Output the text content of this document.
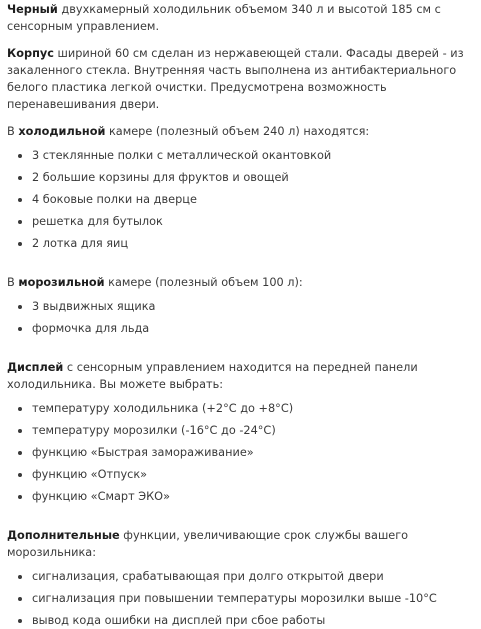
Черный двухкамерный холодильник объемом 340 л и высотой 185 см с сенсорным управлением.

Корпус шириной 60 см сделан из нержавеющей стали. Фасады дверей - из закаленного стекла. Внутренняя часть выполнена из антибактериального белого пластика легкой очистки. Предусмотрена возможность перенавешивания двери.

В холодильной камере (полезный объем 240 л) находятся:

3 стеклянные полки с металлической окантовкой
2 большие корзины для фруктов и овощей
4 боковые полки на дверце
решетка для бутылок
2 лотка для яиц

В морозильной камере (полезный объем 100 л):

3 выдвижных ящика
формочка для льда

Дисплей с сенсорным управлением находится на передней панели холодильника. Вы можете выбрать:

температуру холодильника (+2°С до +8°С)
температуру морозилки (-16°С до -24°С)
функцию «Быстрая замораживание»
функцию «Отпуск»
функцию «Смарт ЭКО»

Дополнительные функции, увеличивающие срок службы вашего морозильника:

сигнализация, срабатывающая при долго открытой двери
сигнализация при повышении температуры морозилки выше -10°С
вывод кода ошибки на дисплей при сбое работы
